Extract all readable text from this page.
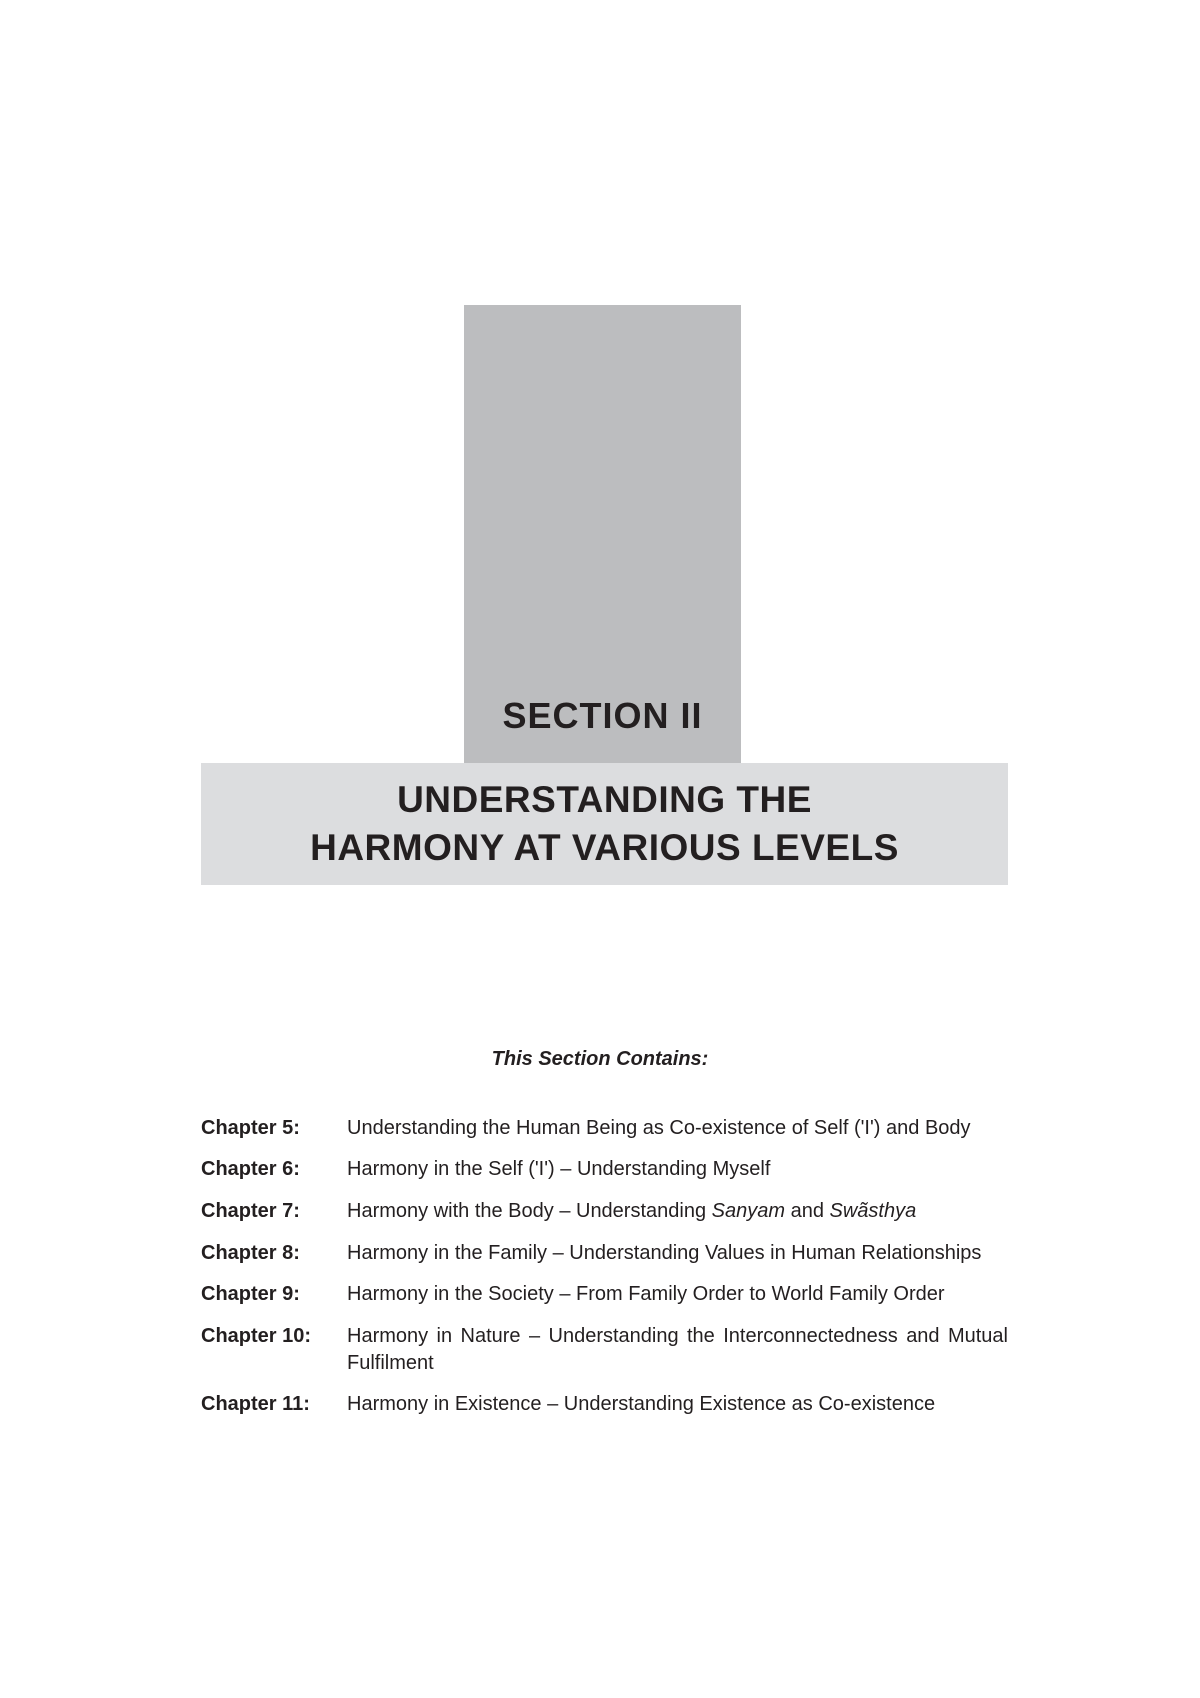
SECTION II
UNDERSTANDING THE
HARMONY AT VARIOUS LEVELS
This Section Contains:
Chapter 5:	Understanding the Human Being as Co-existence of Self ('I') and Body
Chapter 6:	Harmony in the Self ('I') – Understanding Myself
Chapter 7:	Harmony with the Body – Understanding Sanyam and Swãsthya
Chapter 8:	Harmony in the Family – Understanding Values in Human Relationships
Chapter 9:	Harmony in the Society – From Family Order to World Family Order
Chapter 10:	Harmony in Nature – Understanding the Interconnectedness and Mutual Fulfilment
Chapter 11:	Harmony in Existence – Understanding Existence as Co-existence
